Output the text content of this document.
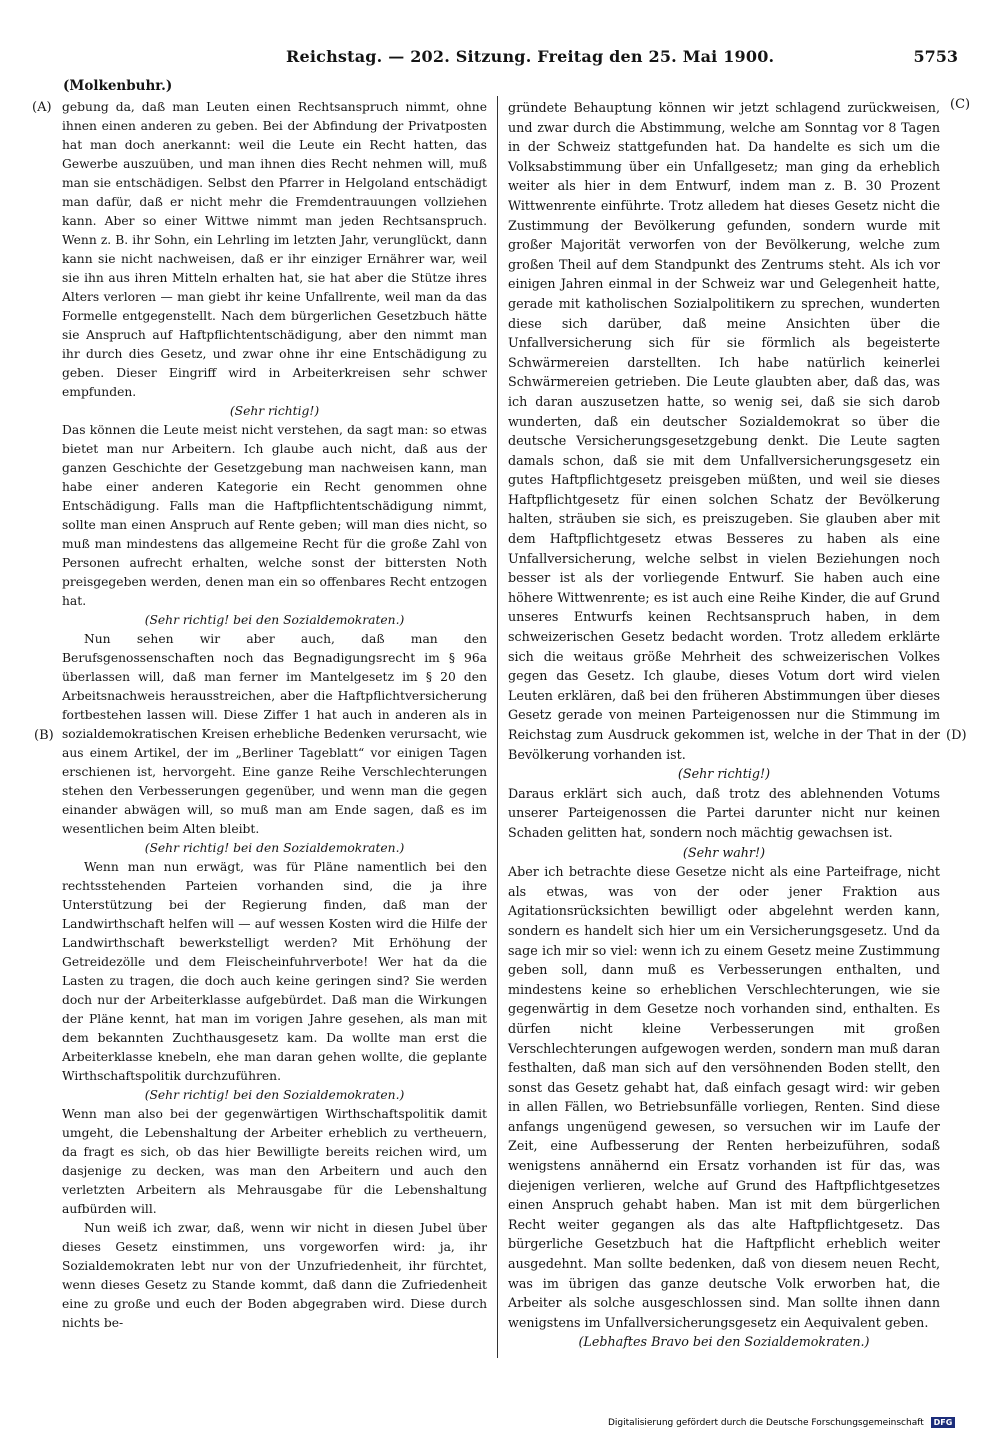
Reichstag. — 202. Sitzung. Freitag den 25. Mai 1900.	5753
(Molkenbuhr.)
(A)
(B)
(C)
(D)

gebung da, daß man Leuten einen Rechtsanspruch nimmt, ohne ihnen einen anderen zu geben. Bei der Abfindung der Privatposten hat man doch anerkannt: weil die Leute ein Recht hatten, das Gewerbe auszuüben, und man ihnen dies Recht nehmen will, muß man sie entschädigen. Selbst den Pfarrer in Helgoland entschädigt man dafür, daß er nicht mehr die Fremdentrauungen vollziehen kann. Aber so einer Wittwe nimmt man jeden Rechtsanspruch. Wenn z. B. ihr Sohn, ein Lehrling im letzten Jahr, verunglückt, dann kann sie nicht nachweisen, daß er ihr einziger Ernährer war, weil sie ihn aus ihren Mitteln erhalten hat, sie hat aber die Stütze ihres Alters verloren — man giebt ihr keine Unfallrente, weil man da das Formelle entgegenstellt. Nach dem bürgerlichen Gesetzbuch hätte sie Anspruch auf Haftpflichtentschädigung, aber den nimmt man ihr durch dies Gesetz, und zwar ohne ihr eine Entschädigung zu geben. Dieser Eingriff wird in Arbeiterkreisen sehr schwer empfunden.

(Sehr richtig!)

Das können die Leute meist nicht verstehen, da sagt man: so etwas bietet man nur Arbeitern. Ich glaube auch nicht, daß aus der ganzen Geschichte der Gesetzgebung man nachweisen kann, man habe einer anderen Kategorie ein Recht genommen ohne Entschädigung. Falls man die Haftpflichtentschädigung nimmt, sollte man einen Anspruch auf Rente geben; will man dies nicht, so muß man mindestens das allgemeine Recht für die große Zahl von Personen aufrecht erhalten, welche sonst der bittersten Noth preisgegeben werden, denen man ein so offenbares Recht entzogen hat.

(Sehr richtig! bei den Sozialdemokraten.)

Nun sehen wir aber auch, daß man den Berufsgenossenschaften noch das Begnadigungsrecht im § 96a überlassen will, daß man ferner im Mantelgesetz im § 20 den Arbeitsnachweis herausstreichen, aber die Haftpflichtversicherung fortbestehen lassen will. Diese Ziffer 1 hat auch in anderen als in sozialdemokratischen Kreisen erhebliche Bedenken verursacht, wie aus einem Artikel, der im „Berliner Tageblatt“ vor einigen Tagen erschienen ist, hervorgeht. Eine ganze Reihe Verschlechterungen stehen den Verbesserungen gegenüber, und wenn man die gegen einander abwägen will, so muß man am Ende sagen, daß es im wesentlichen beim Alten bleibt.

(Sehr richtig! bei den Sozialdemokraten.)

Wenn man nun erwägt, was für Pläne namentlich bei den rechtsstehenden Parteien vorhanden sind, die ja ihre Unterstützung bei der Regierung finden, daß man der Landwirthschaft helfen will — auf wessen Kosten wird die Hilfe der Landwirthschaft bewerkstelligt werden? Mit Erhöhung der Getreidezölle und dem Fleischeinfuhrverbote! Wer hat da die Lasten zu tragen, die doch auch keine geringen sind? Sie werden doch nur der Arbeiterklasse aufgebürdet. Daß man die Wirkungen der Pläne kennt, hat man im vorigen Jahre gesehen, als man mit dem bekannten Zuchthausgesetz kam. Da wollte man erst die Arbeiterklasse knebeln, ehe man daran gehen wollte, die geplante Wirthschaftspolitik durchzuführen.

(Sehr richtig! bei den Sozialdemokraten.)

Wenn man also bei der gegenwärtigen Wirthschaftspolitik damit umgeht, die Lebenshaltung der Arbeiter erheblich zu vertheuern, da fragt es sich, ob das hier Bewilligte bereits reichen wird, um dasjenige zu decken, was man den Arbeitern und auch den verletzten Arbeitern als Mehrausgabe für die Lebenshaltung aufbürden will.

Nun weiß ich zwar, daß, wenn wir nicht in diesen Jubel über dieses Gesetz einstimmen, uns vorgeworfen wird: ja, ihr Sozialdemokraten lebt nur von der Unzufriedenheit, ihr fürchtet, wenn dieses Gesetz zu Stande kommt, daß dann die Zufriedenheit eine zu große und euch der Boden abgegraben wird. Diese durch nichts be-

gründete Behauptung können wir jetzt schlagend zurückweisen, und zwar durch die Abstimmung, welche am Sonntag vor 8 Tagen in der Schweiz stattgefunden hat. Da handelte es sich um die Volksabstimmung über ein Unfallgesetz; man ging da erheblich weiter als hier in dem Entwurf, indem man z. B. 30 Prozent Wittwenrente einführte. Trotz alledem hat dieses Gesetz nicht die Zustimmung der Bevölkerung gefunden, sondern wurde mit großer Majorität verworfen von der Bevölkerung, welche zum großen Theil auf dem Standpunkt des Zentrums steht. Als ich vor einigen Jahren einmal in der Schweiz war und Gelegenheit hatte, gerade mit katholischen Sozialpolitikern zu sprechen, wunderten diese sich darüber, daß meine Ansichten über die Unfallversicherung sich für sie förmlich als begeisterte Schwärmereien darstellten. Ich habe natürlich keinerlei Schwärmereien getrieben. Die Leute glaubten aber, daß das, was ich daran auszusetzen hatte, so wenig sei, daß sie sich darob wunderten, daß ein deutscher Sozialdemokrat so über die deutsche Versicherungsgesetzgebung denkt. Die Leute sagten damals schon, daß sie mit dem Unfallversicherungsgesetz ein gutes Haftpflichtgesetz preisgeben müßten, und weil sie dieses Haftpflichtgesetz für einen solchen Schatz der Bevölkerung halten, sträuben sie sich, es preiszugeben. Sie glauben aber mit dem Haftpflichtgesetz etwas Besseres zu haben als eine Unfallversicherung, welche selbst in vielen Beziehungen noch besser ist als der vorliegende Entwurf. Sie haben auch eine höhere Wittwenrente; es ist auch eine Reihe Kinder, die auf Grund unseres Entwurfs keinen Rechtsanspruch haben, in dem schweizerischen Gesetz bedacht worden. Trotz alledem erklärte sich die weitaus größe Mehrheit des schweizerischen Volkes gegen das Gesetz. Ich glaube, dieses Votum dort wird vielen Leuten erklären, daß bei den früheren Abstimmungen über dieses Gesetz gerade von meinen Parteigenossen nur die Stimmung im Reichstag zum Ausdruck gekommen ist, welche in der That in der Bevölkerung vorhanden ist.

(Sehr richtig!)

Daraus erklärt sich auch, daß trotz des ablehnenden Votums unserer Parteigenossen die Partei darunter nicht nur keinen Schaden gelitten hat, sondern noch mächtig gewachsen ist.

(Sehr wahr!)

Aber ich betrachte diese Gesetze nicht als eine Parteifrage, nicht als etwas, was von der oder jener Fraktion aus Agitationsrücksichten bewilligt oder abgelehnt werden kann, sondern es handelt sich hier um ein Versicherungsgesetz. Und da sage ich mir so viel: wenn ich zu einem Gesetz meine Zustimmung geben soll, dann muß es Verbesserungen enthalten, und mindestens keine so erheblichen Verschlechterungen, wie sie gegenwärtig in dem Gesetze noch vorhanden sind, enthalten. Es dürfen nicht kleine Verbesserungen mit großen Verschlechterungen aufgewogen werden, sondern man muß daran festhalten, daß man sich auf den versöhnenden Boden stellt, den sonst das Gesetz gehabt hat, daß einfach gesagt wird: wir geben in allen Fällen, wo Betriebsunfälle vorliegen, Renten. Sind diese anfangs ungenügend gewesen, so versuchen wir im Laufe der Zeit, eine Aufbesserung der Renten herbeizuführen, sodaß wenigstens annähernd ein Ersatz vorhanden ist für das, was diejenigen verlieren, welche auf Grund des Haftpflichtgesetzes einen Anspruch gehabt haben. Man ist mit dem bürgerlichen Recht weiter gegangen als das alte Haftpflichtgesetz. Das bürgerliche Gesetzbuch hat die Haftpflicht erheblich weiter ausgedehnt. Man sollte bedenken, daß von diesem neuen Recht, was im übrigen das ganze deutsche Volk erworben hat, die Arbeiter als solche ausgeschlossen sind. Man sollte ihnen dann wenigstens im Unfallversicherungsgesetz ein Aequivalent geben.

(Lebhaftes Bravo bei den Sozialdemokraten.)

Digitalisierung gefördert durch die Deutsche Forschungsgemeinschaft DFG
